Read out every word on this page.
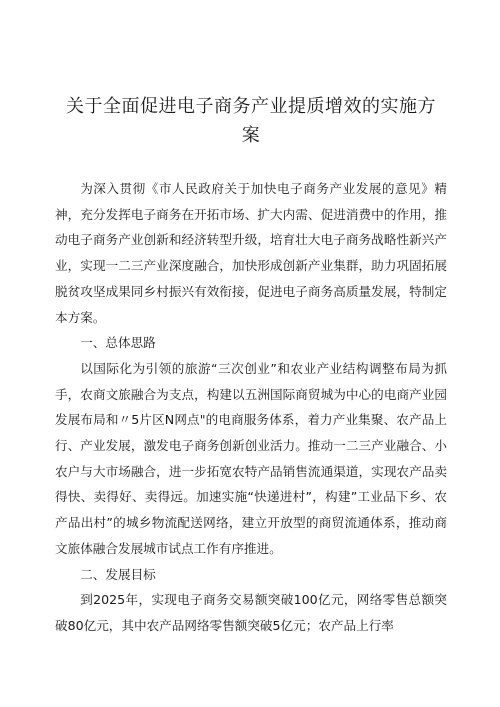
关于全面促进电子商务产业提质增效的实施方
案

为深入贯彻《市人民政府关于加快电子商务产业发展的意见》精神，充分发挥电子商务在开拓市场、扩大内需、促进消费中的作用，推动电子商务产业创新和经济转型升级，培育壮大电子商务战略性新兴产业，实现一二三产业深度融合，加快形成创新产业集群，助力巩固拓展脱贫攻坚成果同乡村振兴有效衔接，促进电子商务高质量发展，特制定本方案。

一、总体思路

以国际化为引领的旅游“三次创业”和农业产业结构调整布局为抓手，农商文旅融合为支点，构建以五洲国际商贸城为中心的电商产业园发展布局和〃5片区N网点"的电商服务体系，着力产业集聚、农产品上行、产业发展，激发电子商务创新创业活力。推动一二三产业融合、小农户与大市场融合，进一步拓宽农特产品销售流通渠道，实现农产品卖得快、卖得好、卖得远。加速实施“快递进村”，构建”工业品下乡、农产品出村”的城乡物流配送网络，建立开放型的商贸流通体系，推动商文旅体融合发展城市试点工作有序推进。

二、发展目标

到2025年，实现电子商务交易额突破100亿元，网络零售总额突破80亿元，其中农产品网络零售额突破5亿元；农产品上行率
